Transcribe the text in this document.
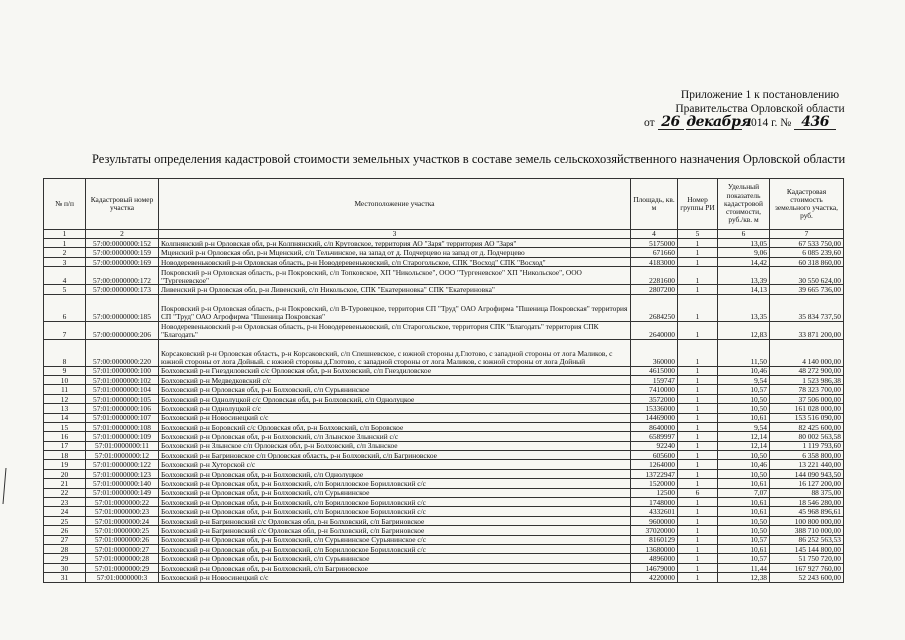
Приложение 1 к постановлению
Правительства Орловской области
от 26 декабря 2014 г. № 436
Результаты определения кадастровой стоимости земельных участков в составе земель сельскохозяйственного назначения Орловской области
№ п/п	Кадастровый номер участка	Местоположение участка	Площадь, кв. м	Номер группы РИ	Удельный показатель кадастровой стоимости, руб./кв. м	Кадастровая стоимость земельного участка, руб.
1	2	3	4	5	6	7
1	57:00:0000000:152	Колпнянский р-н Орловская обл, р-н Колпнянский, с/п Крутовское, территория АО "Заря" территория АО "Заря"	5175000	1	13,05	67 533 750,00
2	57:00:0000000:159	Мценский р-н Орловская обл, р-н Мценский, с/п Тельчинское, на запад от д. Подчерцево на запад от д. Подчерцево	671660	1	9,06	6 085 239,60
3	57:00:0000000:169	Новодеревеньковский р-н Орловская область, р-н Новодеревеньковский, с/п Старогольское, СПК "Восход" СПК "Восход"	4183000	1	14,42	60 318 860,00
4	57:00:0000000:172	Покровский р-н Орловская область, р-н Покровский, с/п Топковское, ХП "Никольское", ООО "Тургеневское" ХП "Никольское", ООО "Тургеневское"	2281600	1	13,39	30 550 624,00
5	57:00:0000000:173	Ливенский р-н Орловская обл, р-н Ливенский, с/п Никольское, СПК "Екатериновка" СПК "Екатериновка"	2807200	1	14,13	39 665 736,00
6	57:00:0000000:185	Покровский р-н Орловская область, р-н Покровский, с/п В-Туровецкое, территория СП "Труд" ОАО Агрофирма "Пшеница Покровская" территория СП "Труд" ОАО Агрофирма "Пшеница Покровская"	2684250	1	13,35	35 834 737,50
7	57:00:0000000:206	Новодеревеньковский р-н Орловская область, р-н Новодеревеньковский, с/п Старогольское, территория СПК "Благодать" территория СПК "Благодать"	2640000	1	12,83	33 871 200,00
8	57:00:0000000:220	Корсаковский р-н Орловская область, р-н Корсаковский, с/п Спешневское, с южной стороны д.Глотово, с западной стороны от лога Маликов, с южной стороны от лога Дойный. с южной стороны д.Глотово, с западной стороны от лога Маликов, с южной стороны от лога Дойный	360000	1	11,50	4 140 000,00
9	57:01:0000000:100	Болховский р-н Гнездиловский с/с Орловская обл, р-н Болховский, с/п Гнездиловское	4615000	1	10,46	48 272 900,00
10	57:01:0000000:102	Болховский р-н Медведковский с/с	159747	1	9,54	1 523 986,38
11	57:01:0000000:104	Болховский р-н Орловская обл, р-н Болховский, с/п Сурьянинское	7410000	1	10,57	78 323 700,00
12	57:01:0000000:105	Болховский р-н Однолуцкой с/с Орловская обл, р-н Болховский, с/п Однолуцкое	3572000	1	10,50	37 506 000,00
13	57:01:0000000:106	Болховский р-н Однолуцкой с/с	15336000	1	10,50	161 028 000,00
14	57:01:0000000:107	Болховский р-н Новосинецкий с/с	14469000	1	10,61	153 516 090,00
15	57:01:0000000:108	Болховский р-н Боровский с/с Орловская обл, р-н Болховский, с/п Боровское	8640000	1	9,54	82 425 600,00
16	57:01:0000000:109	Болховский р-н Орловская обл, р-н Болховский, с/п Злынское Злынский с/с	6589997	1	12,14	80 002 563,58
17	57:01:0000000:11	Болховский р-н Злынское с/п Орловская обл, р-н Болховский, с/п Злынское	92240	1	12,14	1 119 793,60
18	57:01:0000000:12	Болховский р-н Багриновское с/п Орловская область, р-н Болховский, с/п Багриновское	605600	1	10,50	6 358 800,00
19	57:01:0000000:122	Болховский р-н Хуторской с/с	1264000	1	10,46	13 221 440,00
20	57:01:0000000:123	Болховский р-н Орловская обл, р-н Болховский, с/п Однолуцкое	13722947	1	10,50	144 090 943,50
21	57:01:0000000:140	Болховский р-н Орловская обл, р-н Болховский, с/п Борилловское Борилловский с/с	1520000	1	10,61	16 127 200,00
22	57:01:0000000:149	Болховский р-н Орловская обл, р-н Болховский, с/п Сурьянинское	12500	6	7,07	88 375,00
23	57:01:0000000:22	Болховский р-н Орловская обл, р-н Болховский, с/п Борилловское Борилловский с/с	1748000	1	10,61	18 546 280,00
24	57:01:0000000:23	Болховский р-н Орловская обл, р-н Болховский, с/п Борилловское Борилловский с/с	4332601	1	10,61	45 968 896,61
25	57:01:0000000:24	Болховский р-н Багриновский с/с Орловская обл, р-н Болховский, с/п Багриновское	9600000	1	10,50	100 800 000,00
26	57:01:0000000:25	Болховский р-н Багриновский с/с Орловская обл, р-н Болховский, с/п Багриновское	37020000	1	10,50	388 710 000,00
27	57:01:0000000:26	Болховский р-н Орловская обл, р-н Болховский, с/п Сурьянинское Сурьянинское с/с	8160129	1	10,57	86 252 563,53
28	57:01:0000000:27	Болховский р-н Орловская обл, р-н Болховский, с/п Борилловское Борилловский с/с	13680000	1	10,61	145 144 800,00
29	57:01:0000000:28	Болховский р-н Орловская обл, р-н Болховский, с/п Сурьянинское	4896000	1	10,57	51 750 720,00
30	57:01:0000000:29	Болховский р-н Орловская обл, р-н Болховский, с/п Багриновское	14679000	1	11,44	167 927 760,00
31	57:01:0000000:3	Болховский р-н Новосинецкий с/с	4220000	1	12,38	52 243 600,00
